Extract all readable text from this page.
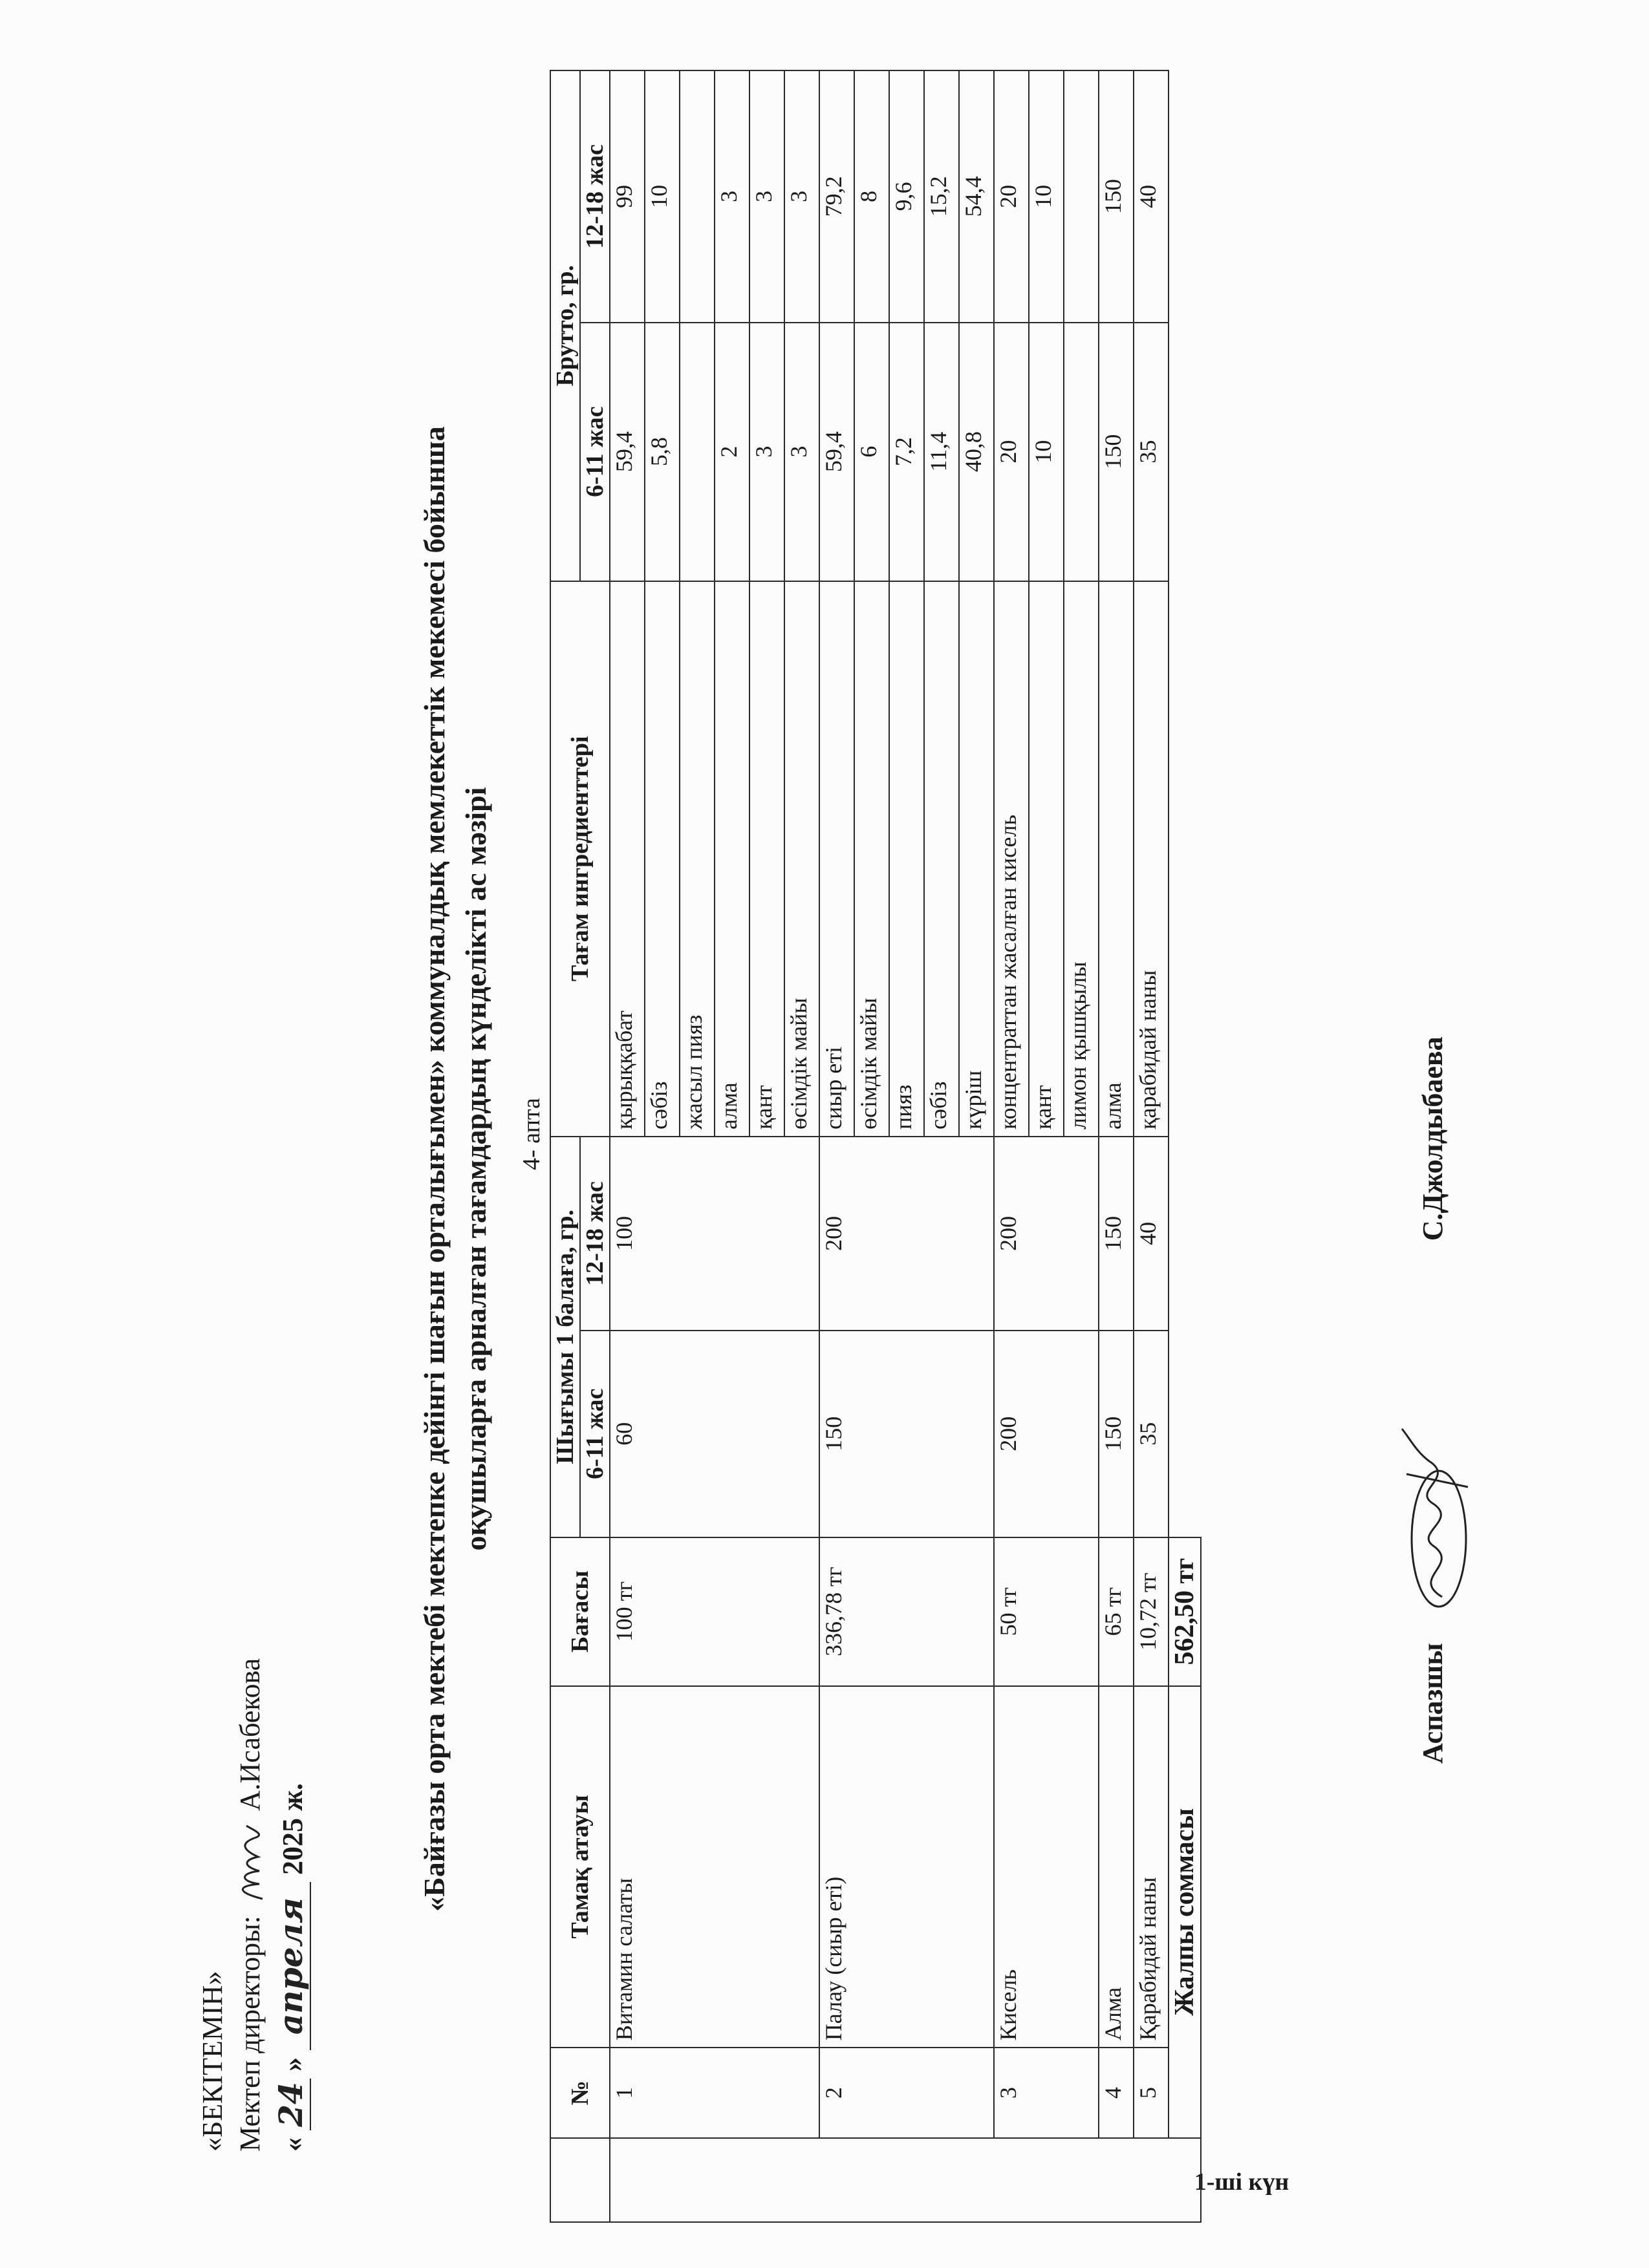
«БЕКІТЕМІН» Мектеп директоры:  А.Исабекова
« 24 » апреля 2025 ж.	«Байғазы орта мектебі мектепке дейінгі шағын орталығымен» коммуналдық мемлекеттік мекемесі бойынша оқушыларға арналған тағамдардың күнделікті ас мәзірі 4- апта
1-ші күн
	№	Тамақ атауы	Бағасы	Шығымы 1 балаға, гр.		Тағам ингредиенттері	Брутто, гр.	
				6-11 жас	12-18 жас		6-11 жас	12-18 жас
	1	Витамин салаты	100 тг	60	100	қырыққабат	59,4	99
						сәбіз	5,8	10
						жасыл пияз		
						алма	2	3
						қант	3	3
						өсімдік майы	3	3
	2	Палау (сиыр еті)	336,78 тг	150	200	сиыр еті	59,4	79,2
						өсімдік майы	6	8
						пияз	7,2	9,6
						сәбіз	11,4	15,2
						күріш	40,8	54,4
	3	Кисель	50 тг	200	200	концентраттан жасалған кисель	20	20
						қант	10	10
						лимон қышқылы		
	4	Алма	65 тг	150	150	алма	150	150
	5	Қарабидай наны	10,72 тг	35	40	қарабидай наны	35	40
	Жалпы соммасы		562,50 тг					
Аспазшы  С.Джолдыбаева
